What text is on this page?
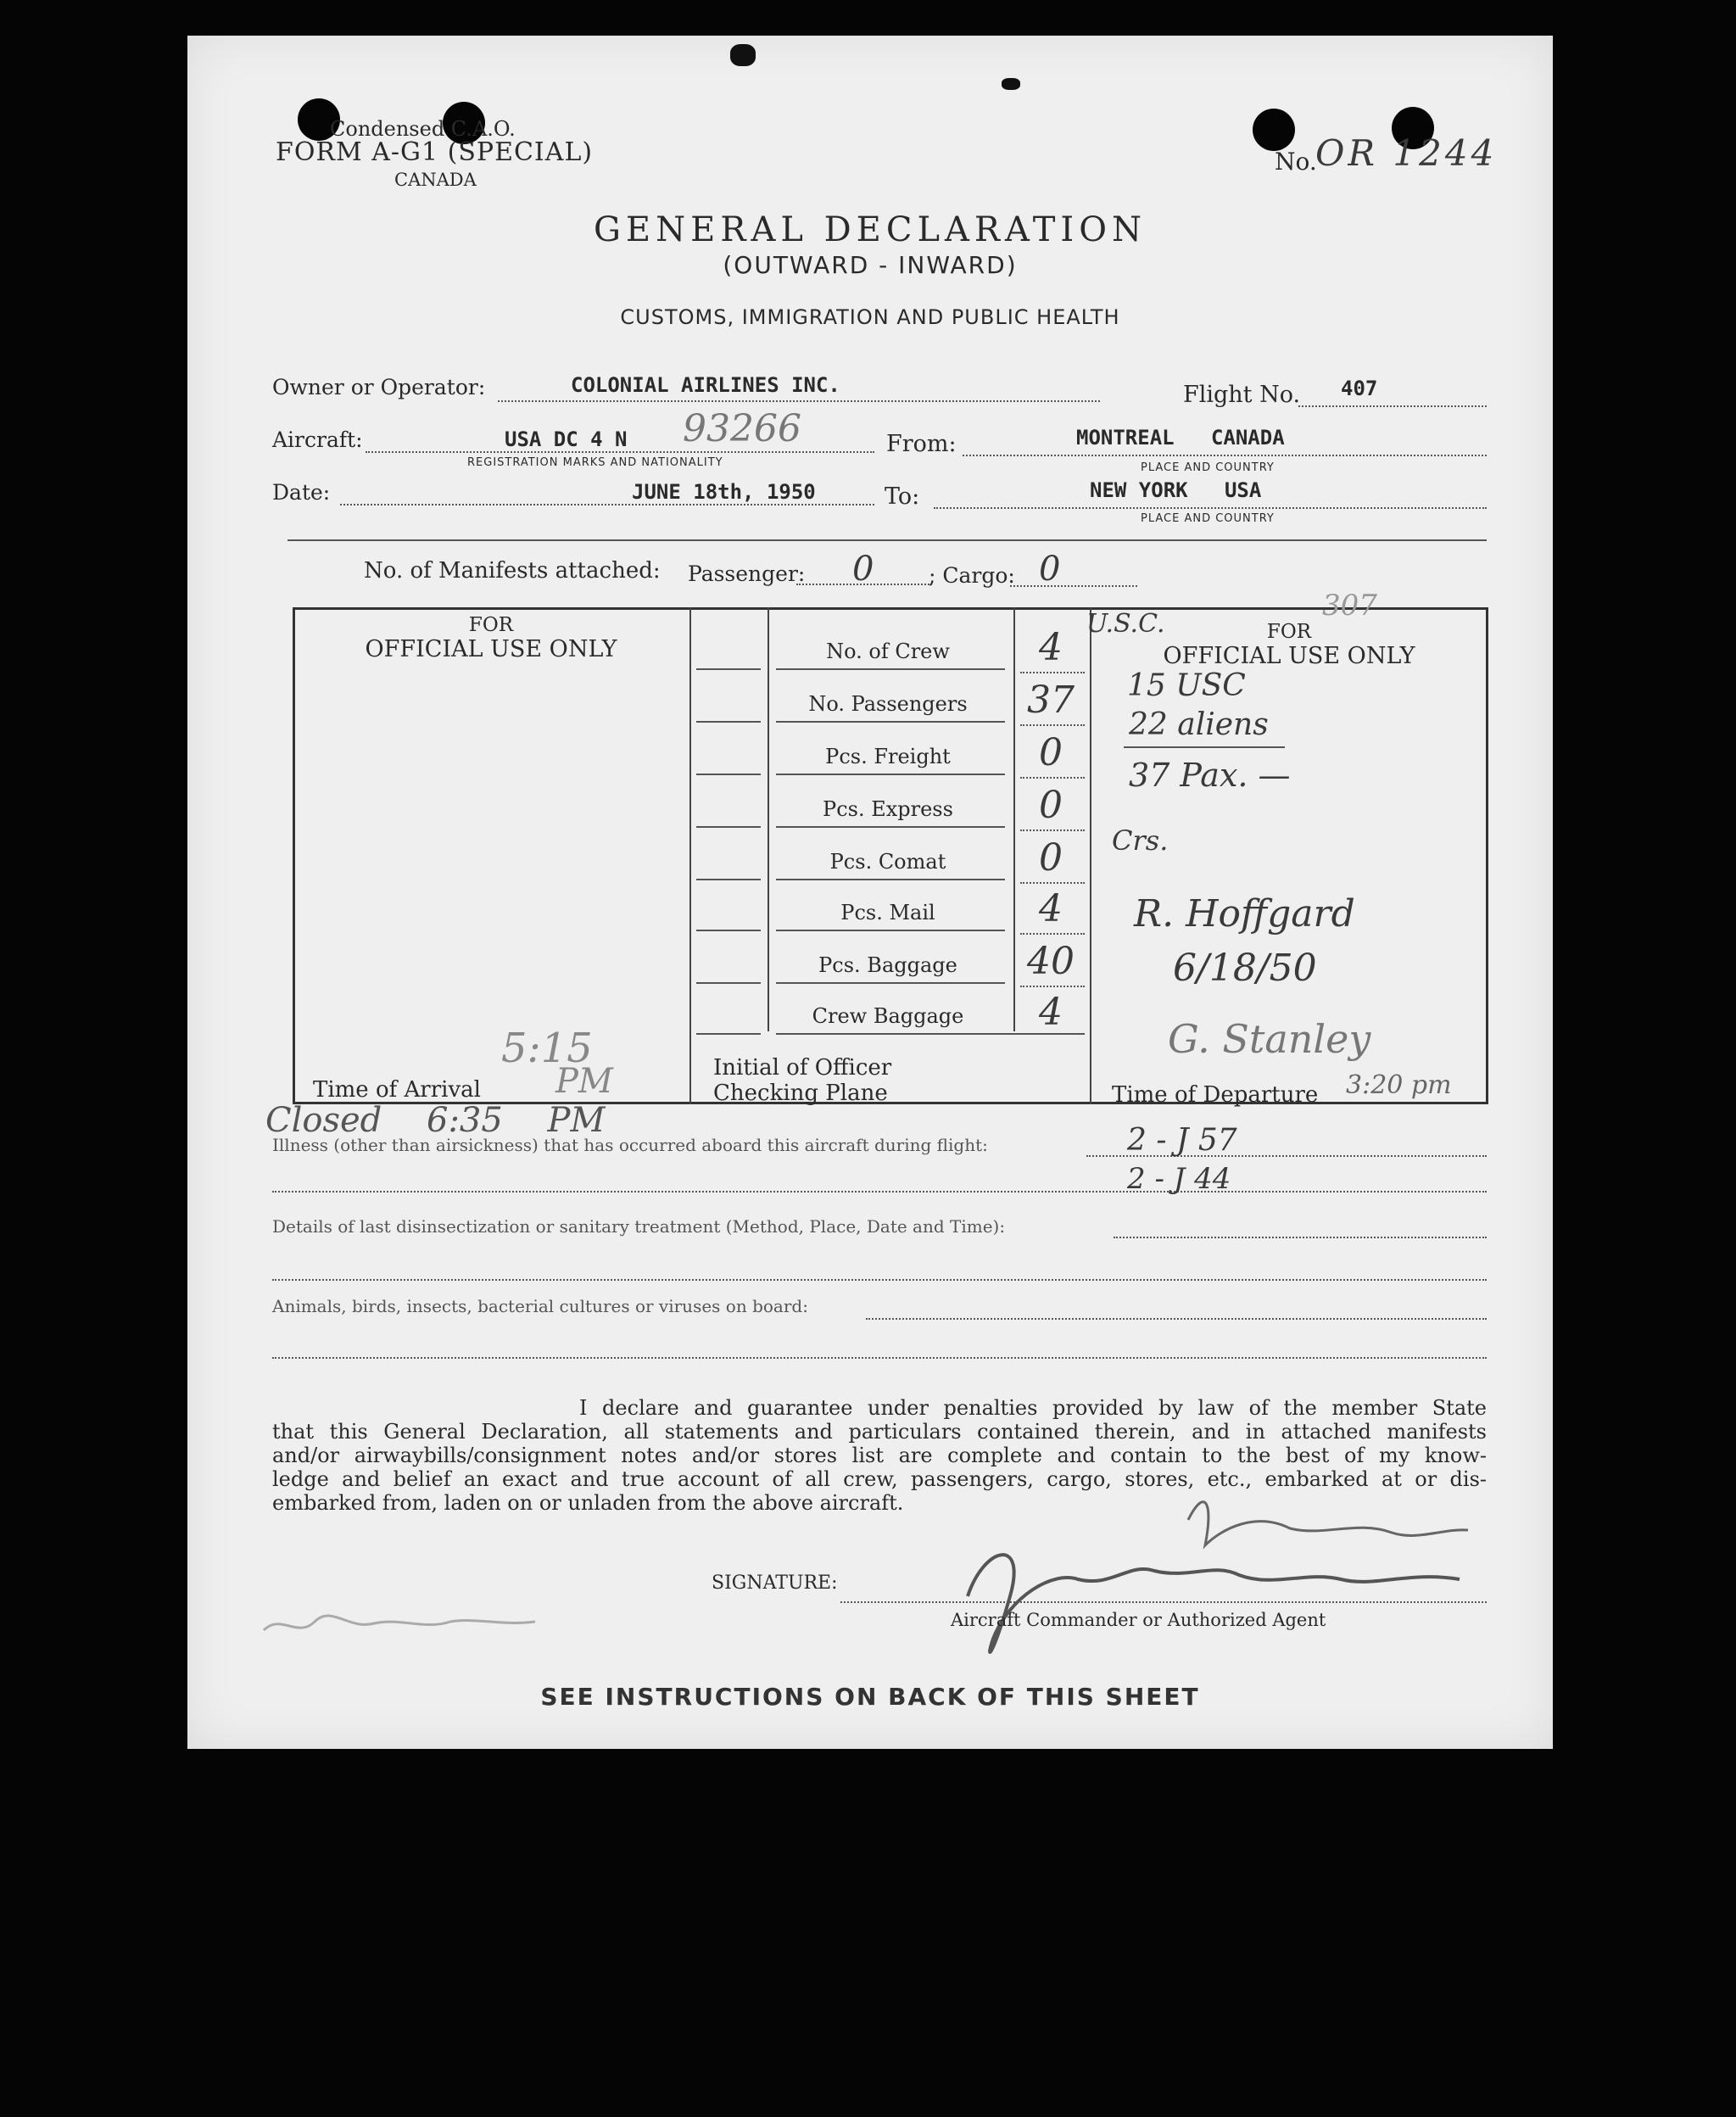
Condensed C.A.O.
FORM A-G1 (SPECIAL)
CANADA
No.
OR 1244
GENERAL DECLARATION
(OUTWARD - INWARD)
CUSTOMS, IMMIGRATION AND PUBLIC HEALTH
Owner or Operator:	COLONIAL AIRLINES INC.	Flight No. 407
Aircraft:	USA DC 4 N 93266
REGISTRATION MARKS AND NATIONALITY
From:	MONTREAL   CANADA
PLACE AND COUNTRY
Date:	JUNE 18th, 1950	To:	NEW YORK   USA
PLACE AND COUNTRY
No. of Manifests attached: Passenger: 0	; Cargo: 0
FOR
OFFICIAL USE ONLY
Time of Arrival
5:15
PM	Initial of Officer
Checking Plane
No. of Crew	4
No. Passengers	37
Pcs. Freight	0
Pcs. Express	0
Pcs. Comat	0
Pcs. Mail	4
Pcs. Baggage	40
Crew Baggage	4
FOR
OFFICIAL USE ONLY
307
U.S.C.
15 USC
22 aliens
37 Pax. —
Crs.
R. Hoffgard
6/18/50
G. Stanley
Time of Departure 3:20 pm
Closed 6:35 PM
Illness (other than airsickness) that has occurred aboard this aircraft during flight:	2 - J 57
2 - J 44
Details of last disinsectization or sanitary treatment (Method, Place, Date and Time):
Animals, birds, insects, bacterial cultures or viruses on board:
I declare and guarantee under penalties provided by law of the member State
that this General Declaration, all statements and particulars contained therein, and in attached manifests
and/or airwaybills/consignment notes and/or stores list are complete and contain to the best of my know-
ledge and belief an exact and true account of all crew, passengers, cargo, stores, etc., embarked at or dis-
embarked from, laden on or unladen from the above aircraft.
SIGNATURE:
Aircraft Commander or Authorized Agent
SEE INSTRUCTIONS ON BACK OF THIS SHEET
